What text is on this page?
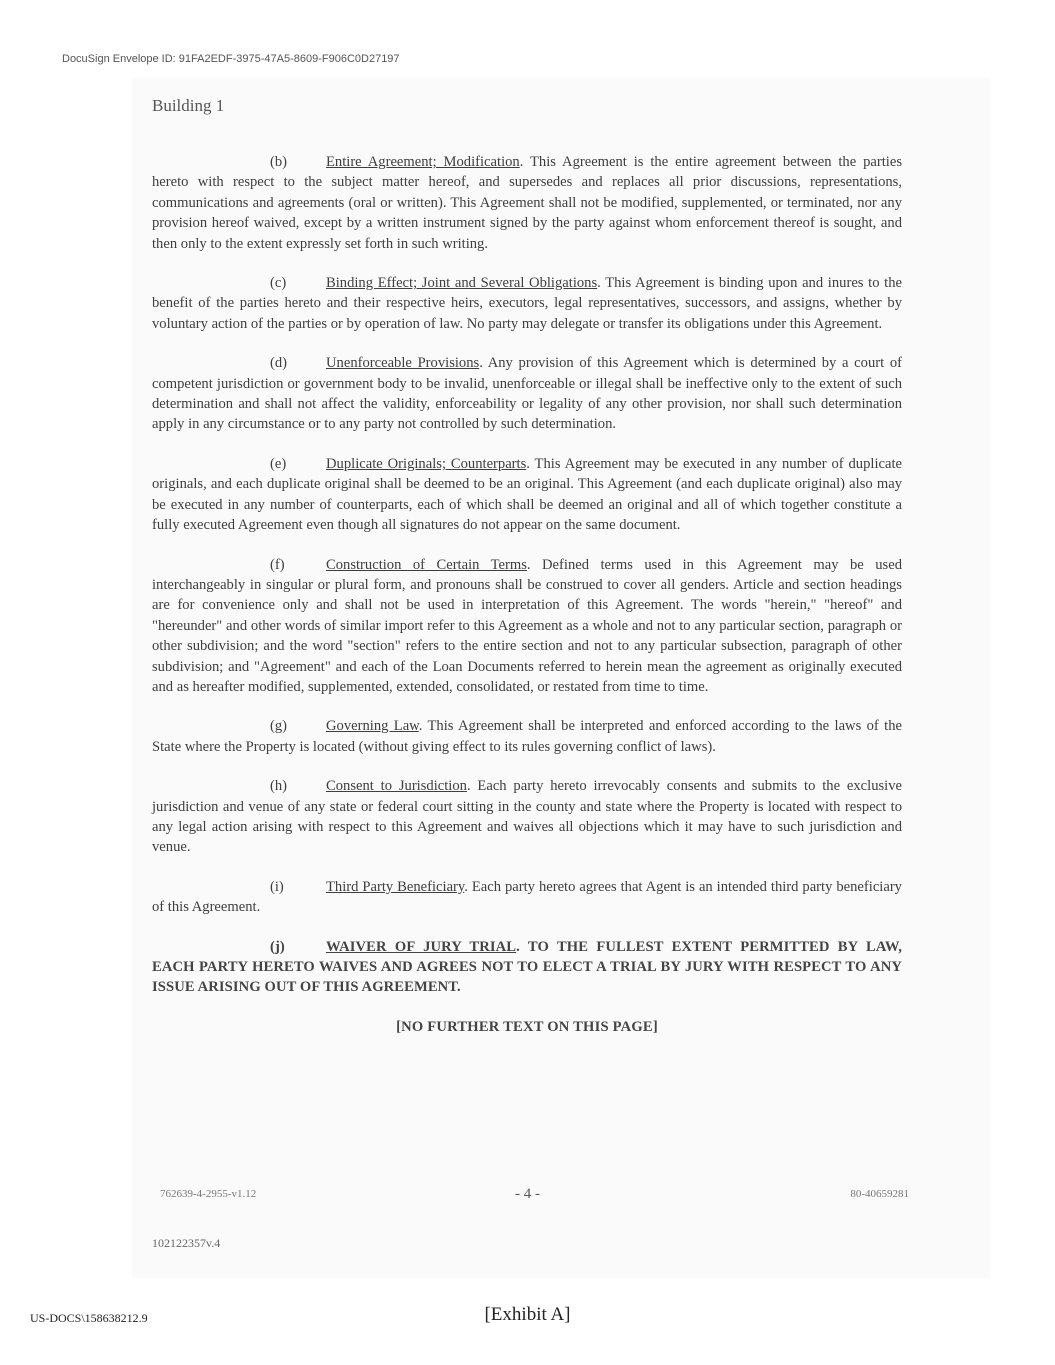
DocuSign Envelope ID: 91FA2EDF-3975-47A5-8609-F906C0D27197
Building 1

(b)	Entire Agreement; Modification. This Agreement is the entire agreement between the parties hereto with respect to the subject matter hereof, and supersedes and replaces all prior discussions, representations, communications and agreements (oral or written). This Agreement shall not be modified, supplemented, or terminated, nor any provision hereof waived, except by a written instrument signed by the party against whom enforcement thereof is sought, and then only to the extent expressly set forth in such writing.

(c)	Binding Effect; Joint and Several Obligations. This Agreement is binding upon and inures to the benefit of the parties hereto and their respective heirs, executors, legal representatives, successors, and assigns, whether by voluntary action of the parties or by operation of law. No party may delegate or transfer its obligations under this Agreement.

(d)	Unenforceable Provisions. Any provision of this Agreement which is determined by a court of competent jurisdiction or government body to be invalid, unenforceable or illegal shall be ineffective only to the extent of such determination and shall not affect the validity, enforceability or legality of any other provision, nor shall such determination apply in any circumstance or to any party not controlled by such determination.

(e)	Duplicate Originals; Counterparts. This Agreement may be executed in any number of duplicate originals, and each duplicate original shall be deemed to be an original. This Agreement (and each duplicate original) also may be executed in any number of counterparts, each of which shall be deemed an original and all of which together constitute a fully executed Agreement even though all signatures do not appear on the same document.

(f)	Construction of Certain Terms. Defined terms used in this Agreement may be used interchangeably in singular or plural form, and pronouns shall be construed to cover all genders. Article and section headings are for convenience only and shall not be used in interpretation of this Agreement. The words "herein," "hereof" and "hereunder" and other words of similar import refer to this Agreement as a whole and not to any particular section, paragraph or other subdivision; and the word "section" refers to the entire section and not to any particular subsection, paragraph of other subdivision; and "Agreement" and each of the Loan Documents referred to herein mean the agreement as originally executed and as hereafter modified, supplemented, extended, consolidated, or restated from time to time.

(g)	Governing Law. This Agreement shall be interpreted and enforced according to the laws of the State where the Property is located (without giving effect to its rules governing conflict of laws).

(h)	Consent to Jurisdiction. Each party hereto irrevocably consents and submits to the exclusive jurisdiction and venue of any state or federal court sitting in the county and state where the Property is located with respect to any legal action arising with respect to this Agreement and waives all objections which it may have to such jurisdiction and venue.

(i)	Third Party Beneficiary. Each party hereto agrees that Agent is an intended third party beneficiary of this Agreement.

(j)	WAIVER OF JURY TRIAL. TO THE FULLEST EXTENT PERMITTED BY LAW, EACH PARTY HERETO WAIVES AND AGREES NOT TO ELECT A TRIAL BY JURY WITH RESPECT TO ANY ISSUE ARISING OUT OF THIS AGREEMENT.

[NO FURTHER TEXT ON THIS PAGE]

762639-4-2955-v1.12	- 4 -	80-40659281
102122357v.4
US-DOCS\158638212.9	[Exhibit A]
